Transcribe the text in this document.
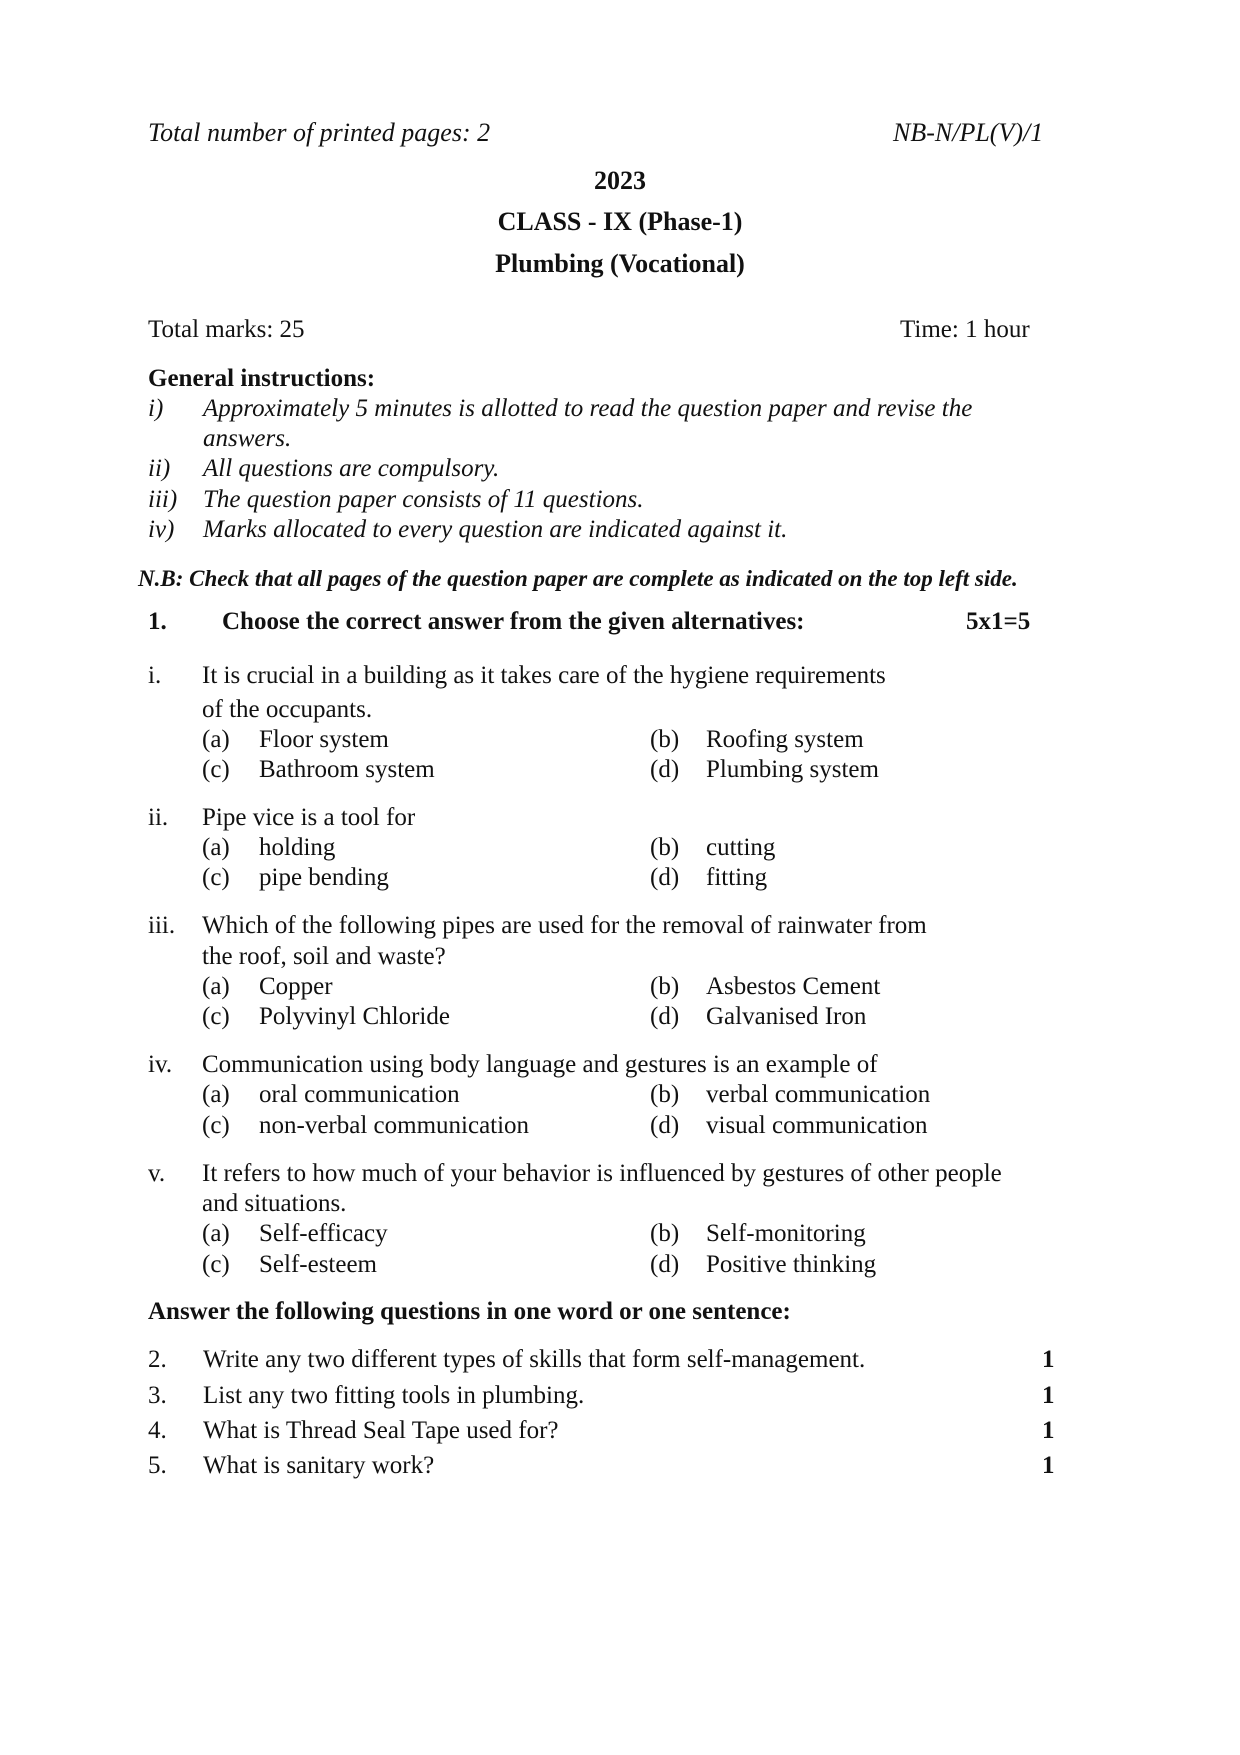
Total number of printed pages: 2	NB-N/PL(V)/1
2023
CLASS - IX (Phase-1)
Plumbing (Vocational)
Total marks: 25	Time: 1 hour
General instructions:
i) Approximately 5 minutes is allotted to read the question paper and revise the
answers.
ii) All questions are compulsory.
iii) The question paper consists of 11 questions.
iv) Marks allocated to every question are indicated against it.
N.B: Check that all pages of the question paper are complete as indicated on the top left side.
1. Choose the correct answer from the given alternatives:	5x1=5
i. It is crucial in a building as it takes care of the hygiene requirements
of the occupants.
(a) Floor system	(b) Roofing system
(c) Bathroom system	(d) Plumbing system
ii. Pipe vice is a tool for
(a) holding	(b) cutting
(c) pipe bending	(d) fitting
iii. Which of the following pipes are used for the removal of rainwater from
the roof, soil and waste?
(a) Copper	(b) Asbestos Cement
(c) Polyvinyl Chloride	(d) Galvanised Iron
iv. Communication using body language and gestures is an example of
(a) oral communication	(b) verbal communication
(c) non-verbal communication	(d) visual communication
v. It refers to how much of your behavior is influenced by gestures of other people
and situations.
(a) Self-efficacy	(b) Self-monitoring
(c) Self-esteem	(d) Positive thinking
Answer the following questions in one word or one sentence:
2. Write any two different types of skills that form self-management.	1
3. List any two fitting tools in plumbing.	1
4. What is Thread Seal Tape used for?	1
5. What is sanitary work?	1
